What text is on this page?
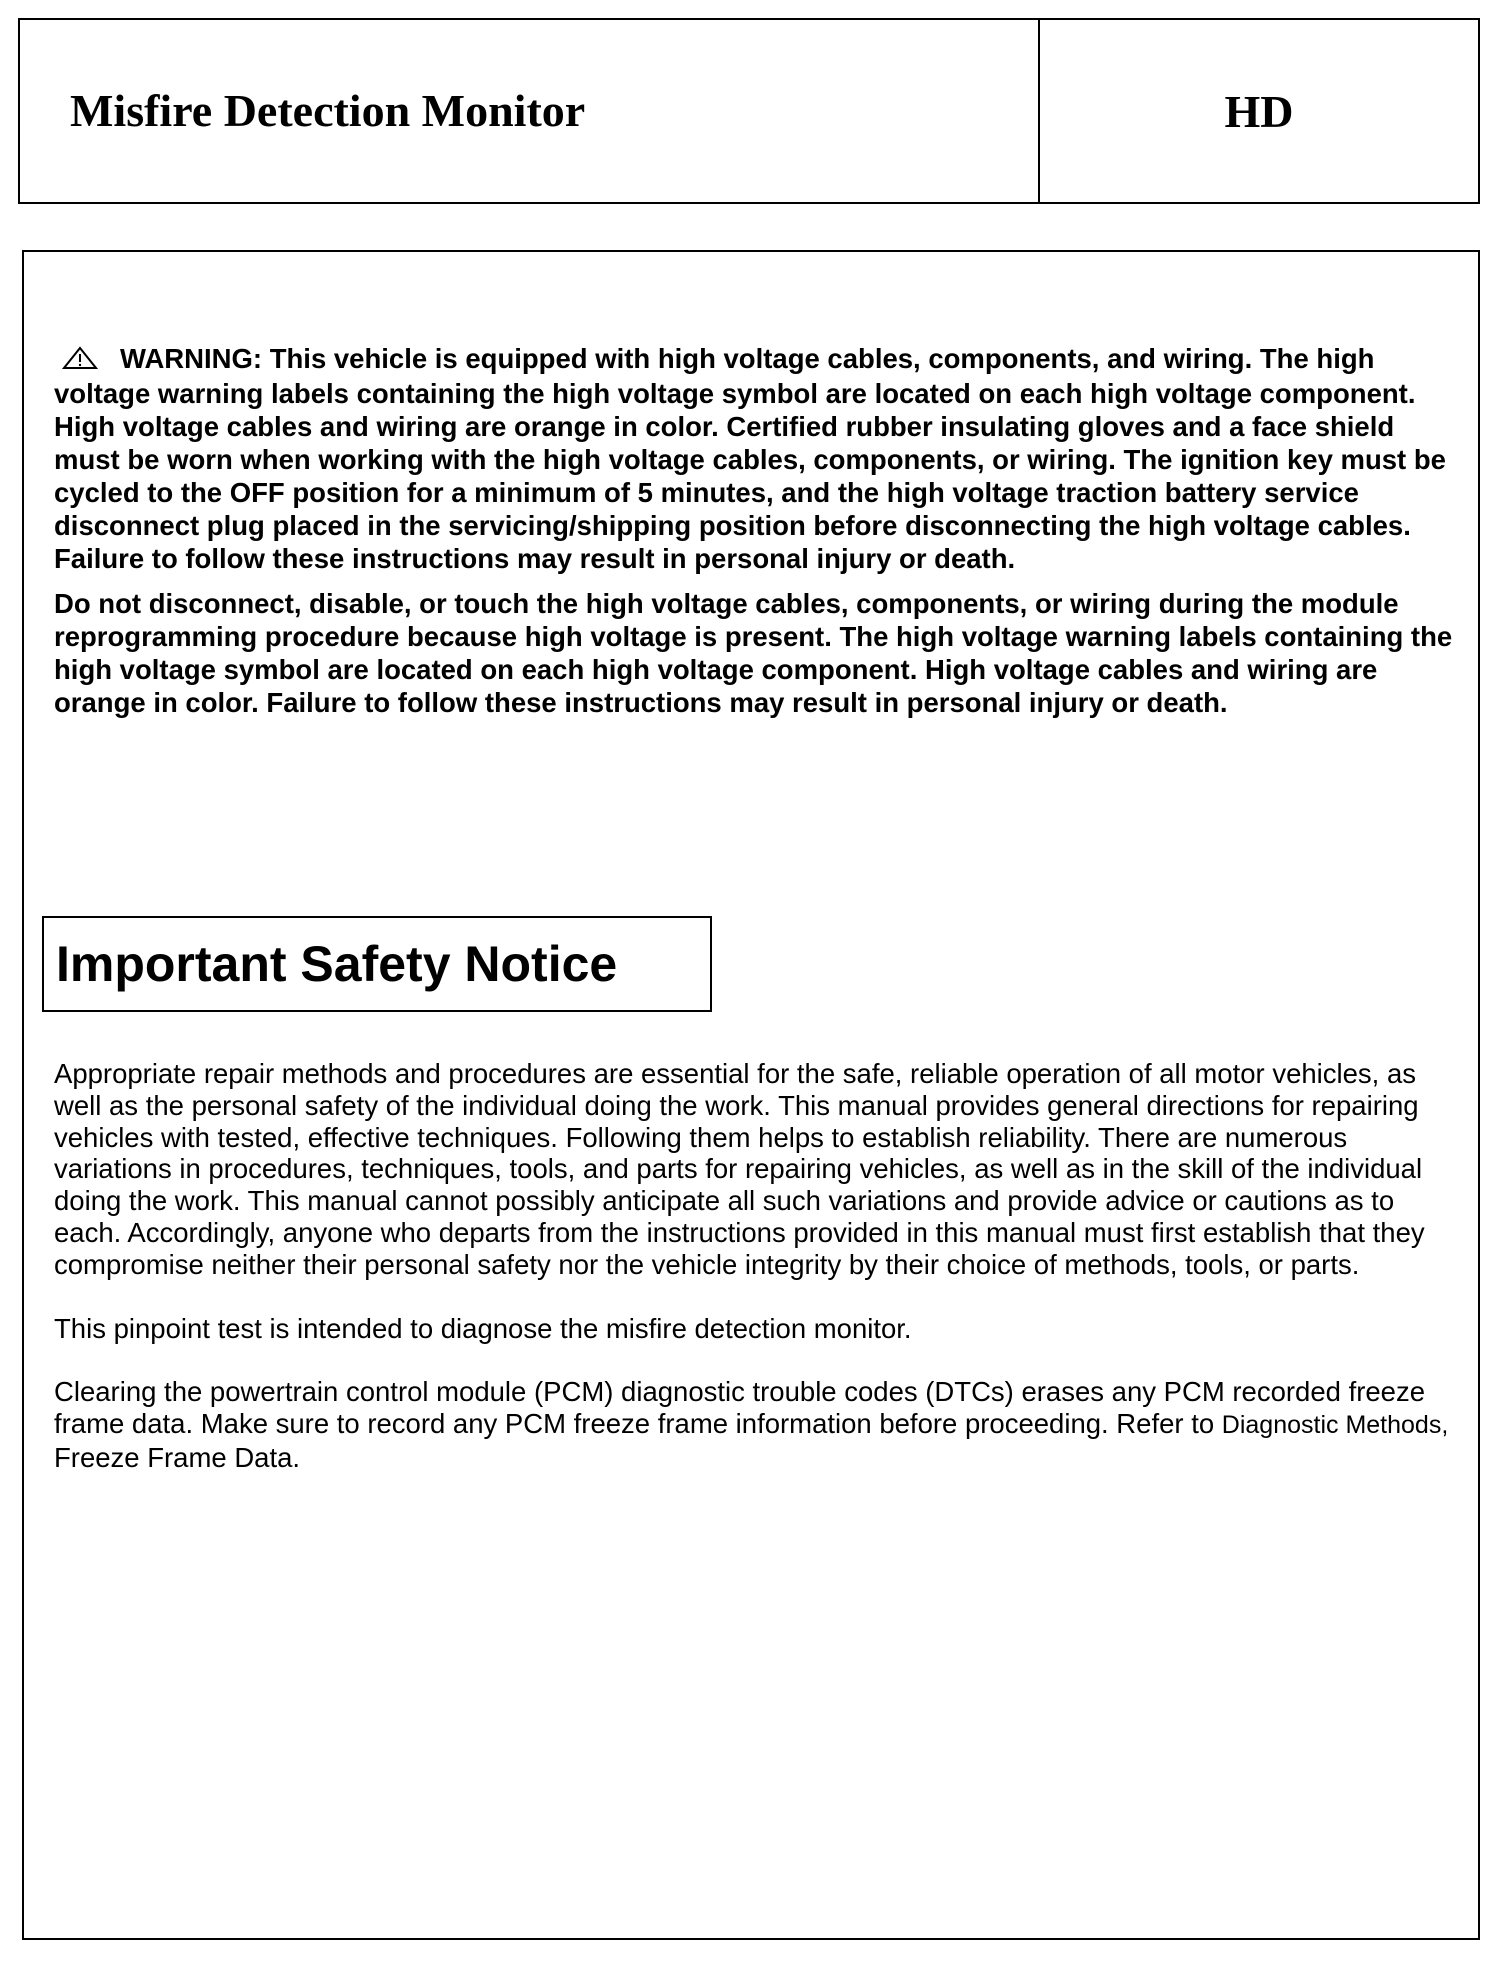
Misfire Detection Monitor	HD

WARNING: This vehicle is equipped with high voltage cables, components, and wiring. The high voltage warning labels containing the high voltage symbol are located on each high voltage component. High voltage cables and wiring are orange in color. Certified rubber insulating gloves and a face shield must be worn when working with the high voltage cables, components, or wiring. The ignition key must be cycled to the OFF position for a minimum of 5 minutes, and the high voltage traction battery service disconnect plug placed in the servicing/shipping position before disconnecting the high voltage cables. Failure to follow these instructions may result in personal injury or death.

Do not disconnect, disable, or touch the high voltage cables, components, or wiring during the module reprogramming procedure because high voltage is present. The high voltage warning labels containing the high voltage symbol are located on each high voltage component. High voltage cables and wiring are orange in color. Failure to follow these instructions may result in personal injury or death.

Important Safety Notice

Appropriate repair methods and procedures are essential for the safe, reliable operation of all motor vehicles, as well as the personal safety of the individual doing the work. This manual provides general directions for repairing vehicles with tested, effective techniques. Following them helps to establish reliability. There are numerous variations in procedures, techniques, tools, and parts for repairing vehicles, as well as in the skill of the individual doing the work. This manual cannot possibly anticipate all such variations and provide advice or cautions as to each. Accordingly, anyone who departs from the instructions provided in this manual must first establish that they compromise neither their personal safety nor the vehicle integrity by their choice of methods, tools, or parts.

This pinpoint test is intended to diagnose the misfire detection monitor.

Clearing the powertrain control module (PCM) diagnostic trouble codes (DTCs) erases any PCM recorded freeze frame data. Make sure to record any PCM freeze frame information before proceeding. Refer to Diagnostic Methods, Freeze Frame Data.
